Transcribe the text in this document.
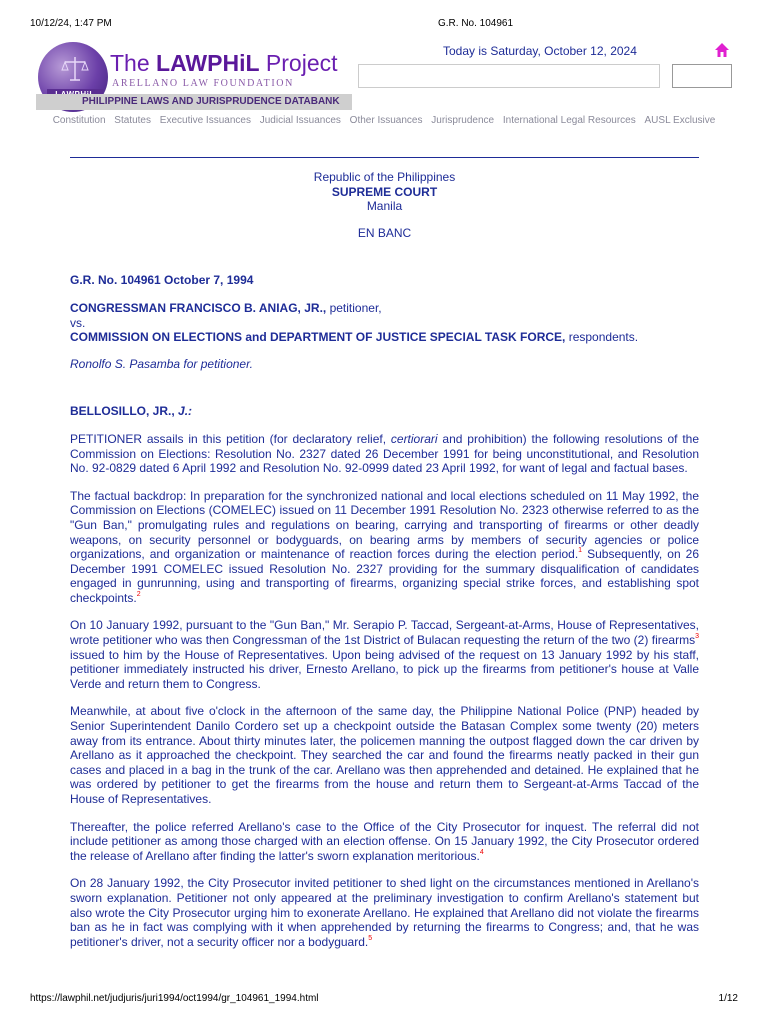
10/12/24, 1:47 PM	G.R. No. 104961
The LAWPHiL Project
ARELLANO LAW FOUNDATION
PHILIPPINE LAWS AND JURISPRUDENCE DATABANK
Today is Saturday, October 12, 2024
Constitution Statutes Executive Issuances Judicial Issuances Other Issuances Jurisprudence International Legal Resources AUSL Exclusive

Republic of the Philippines

SUPREME COURT

Manila

EN BANC

G.R. No. 104961 October 7, 1994

CONGRESSMAN FRANCISCO B. ANIAG, JR., petitioner,

vs.

COMMISSION ON ELECTIONS and DEPARTMENT OF JUSTICE SPECIAL TASK FORCE, respondents.

Ronolfo S. Pasamba for petitioner.

BELLOSILLO, JR., J.:

PETITIONER assails in this petition (for declaratory relief, certiorari and prohibition) the following resolutions of the Commission on Elections: Resolution No. 2327 dated 26 December 1991 for being unconstitutional, and Resolution No. 92-0829 dated 6 April 1992 and Resolution No. 92-0999 dated 23 April 1992, for want of legal and factual bases.

The factual backdrop: In preparation for the synchronized national and local elections scheduled on 11 May 1992, the Commission on Elections (COMELEC) issued on 11 December 1991 Resolution No. 2323 otherwise referred to as the "Gun Ban," promulgating rules and regulations on bearing, carrying and transporting of firearms or other deadly weapons, on security personnel or bodyguards, on bearing arms by members of security agencies or police organizations, and organization or maintenance of reaction forces during the election period.$^1$ Subsequently, on 26 December 1991 COMELEC issued Resolution No. 2327 providing for the summary disqualification of candidates engaged in gunrunning, using and transporting of firearms, organizing special strike forces, and establishing spot checkpoints.$^2$

On 10 January 1992, pursuant to the "Gun Ban," Mr. Serapio P. Taccad, Sergeant-at-Arms, House of Representatives, wrote petitioner who was then Congressman of the 1st District of Bulacan requesting the return of the two (2) firearms$^3$ issued to him by the House of Representatives. Upon being advised of the request on 13 January 1992 by his staff, petitioner immediately instructed his driver, Ernesto Arellano, to pick up the firearms from petitioner's house at Valle Verde and return them to Congress.

Meanwhile, at about five o'clock in the afternoon of the same day, the Philippine National Police (PNP) headed by Senior Superintendent Danilo Cordero set up a checkpoint outside the Batasan Complex some twenty (20) meters away from its entrance. About thirty minutes later, the policemen manning the outpost flagged down the car driven by Arellano as it approached the checkpoint. They searched the car and found the firearms neatly packed in their gun cases and placed in a bag in the trunk of the car. Arellano was then apprehended and detained. He explained that he was ordered by petitioner to get the firearms from the house and return them to Sergeant-at-Arms Taccad of the House of Representatives.

Thereafter, the police referred Arellano's case to the Office of the City Prosecutor for inquest. The referral did not include petitioner as among those charged with an election offense. On 15 January 1992, the City Prosecutor ordered the release of Arellano after finding the latter's sworn explanation meritorious.$^4$

On 28 January 1992, the City Prosecutor invited petitioner to shed light on the circumstances mentioned in Arellano's sworn explanation. Petitioner not only appeared at the preliminary investigation to confirm Arellano's statement but also wrote the City Prosecutor urging him to exonerate Arellano. He explained that Arellano did not violate the firearms ban as he in fact was complying with it when apprehended by returning the firearms to Congress; and, that he was petitioner's driver, not a security officer nor a bodyguard.$^5$

https://lawphil.net/judjuris/juri1994/oct1994/gr_104961_1994.html	1/12
